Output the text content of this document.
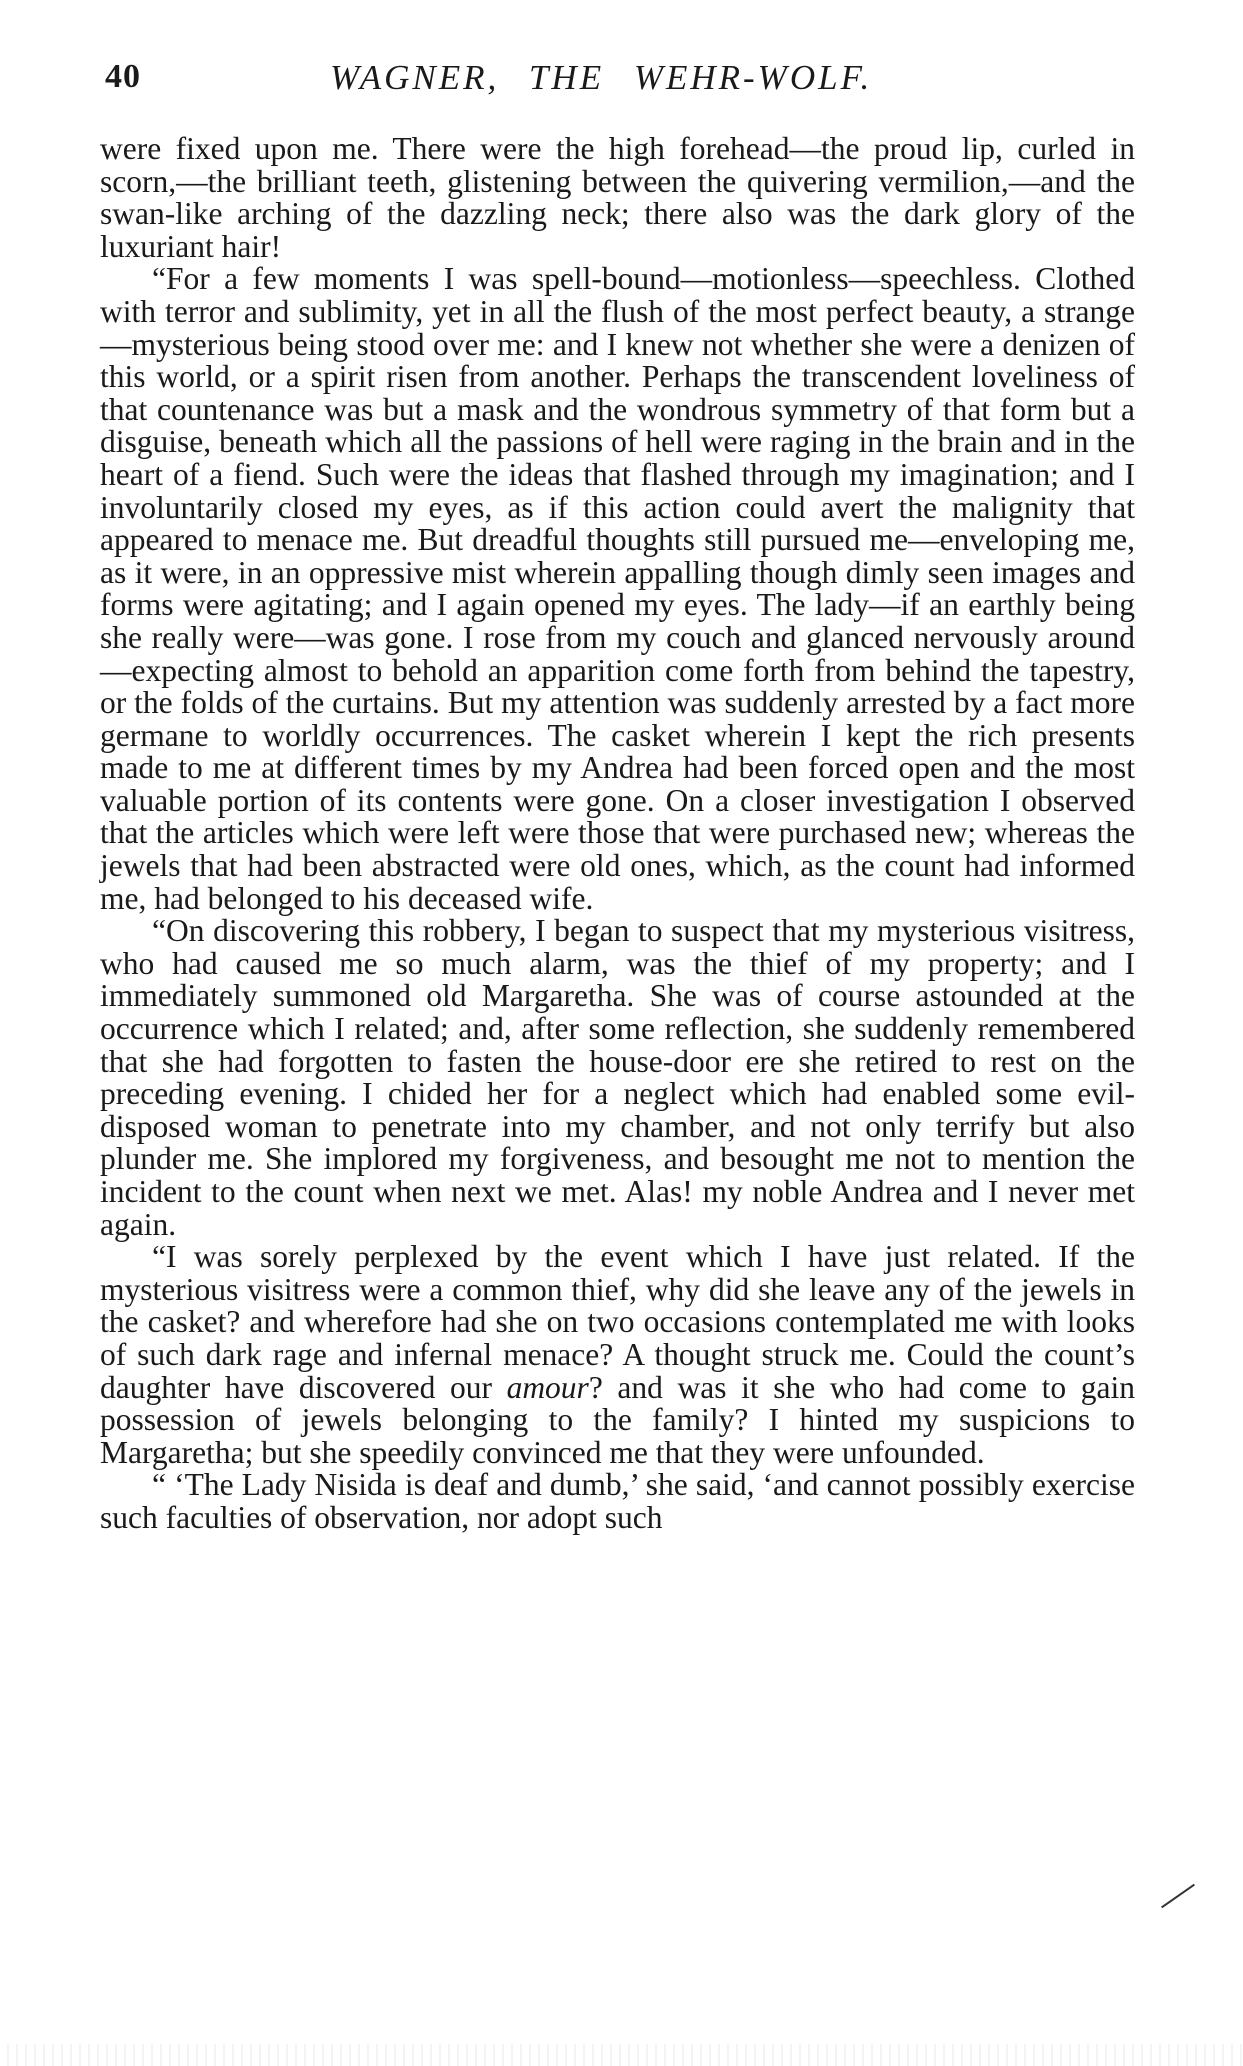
40	WAGNER, THE WEHR-WOLF.

were fixed upon me. There were the high forehead—the proud lip, curled in scorn,—the brilliant teeth, glistening between the quivering vermilion,—and the swan-like arching of the dazzling neck; there also was the dark glory of the luxuriant hair!

“For a few moments I was spell-bound—motionless—speechless. Clothed with terror and sublimity, yet in all the flush of the most perfect beauty, a strange—mysterious being stood over me: and I knew not whether she were a denizen of this world, or a spirit risen from another. Perhaps the transcendent loveliness of that countenance was but a mask and the wondrous symmetry of that form but a disguise, beneath which all the passions of hell were raging in the brain and in the heart of a fiend. Such were the ideas that flashed through my imagination; and I involuntarily closed my eyes, as if this action could avert the malignity that appeared to menace me. But dreadful thoughts still pursued me—enveloping me, as it were, in an oppressive mist wherein appalling though dimly seen images and forms were agitating; and I again opened my eyes. The lady—if an earthly being she really were—was gone. I rose from my couch and glanced nervously around—expecting almost to behold an apparition come forth from behind the tapestry, or the folds of the curtains. But my attention was suddenly arrested by a fact more germane to worldly occurrences. The casket wherein I kept the rich presents made to me at different times by my Andrea had been forced open and the most valuable portion of its contents were gone. On a closer investigation I observed that the articles which were left were those that were purchased new; whereas the jewels that had been abstracted were old ones, which, as the count had informed me, had belonged to his deceased wife.

“On discovering this robbery, I began to suspect that my mysterious visitress, who had caused me so much alarm, was the thief of my property; and I immediately summoned old Margaretha. She was of course astounded at the occurrence which I related; and, after some reflection, she suddenly remembered that she had forgotten to fasten the house-door ere she retired to rest on the preceding evening. I chided her for a neglect which had enabled some evil-disposed woman to penetrate into my chamber, and not only terrify but also plunder me. She implored my forgiveness, and besought me not to mention the incident to the count when next we met. Alas! my noble Andrea and I never met again.

“I was sorely perplexed by the event which I have just related. If the mysterious visitress were a common thief, why did she leave any of the jewels in the casket? and wherefore had she on two occasions contemplated me with looks of such dark rage and infernal menace? A thought struck me. Could the count’s daughter have discovered our amour? and was it she who had come to gain possession of jewels belonging to the family? I hinted my suspicions to Margaretha; but she speedily convinced me that they were unfounded.

“ ‘The Lady Nisida is deaf and dumb,’ she said, ‘and cannot possibly exercise such faculties of observation, nor adopt such
